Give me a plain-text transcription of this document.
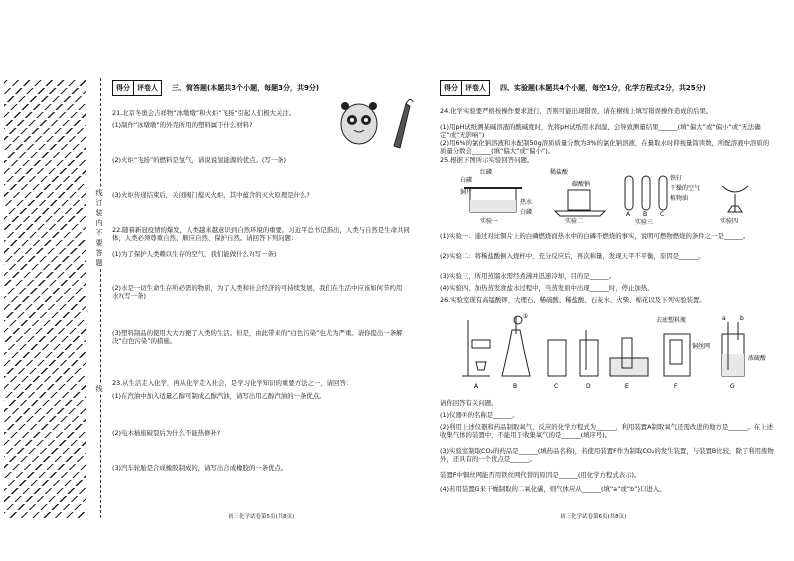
线
订
装
内
不
要
答
题
线
得分	评卷人	三、简答题(本题共3个小题，每题3分，共9分)
21.北京冬奥会吉祥物“冰墩墩”和火炬“飞扬”引起人们极大关注。
(1)制作“冰墩墩”的外壳所用的塑料属于什么材料?
(2)火炬“飞扬”的燃料是氢气，请说说氢能源的优点。(写一条)
(3)火炬传递结束后，关闭阀门熄灭火炬，其中蕴含的灭火原理是什么?
22.随着新冠疫情的爆发，人类越来越意识到自然环境的重要。习近平总书记指出，人类与自然是生命共同体，人类必须尊重自然、顺应自然、保护自然。请回答下列问题：
(1)为了保护人类赖以生存的空气，我们能做什么?(写一条)
(2)水是一切生命生存所必需的物质，为了人类和社会经济的可持续发展，我们在生活中应该如何节约用水?(写一条)
(3)塑料制品的使用大大方便了人类的生活。但是，由此带来的“白色污染”也尤为严重。请你提出一条解决“白色污染”的措施。
23.从生活走入化学，再从化学走入社会，是学习化学知识的重要方法之一，请回答：
(1)在汽油中加入适量乙醇可制成乙醇汽油，请写出用乙醇汽油的一条优点。
(2)电木插座破裂后为什么不能热修补?
(3)汽车轮胎是合成橡胶制成的，请写出合成橡胶的一条优点。
初三化学试卷第5页(共8页)
得分	评卷人	四、实验题(本题共4个小题，每空1分，化学方程式2分，共25分)
24.化学实验要严格按操作要求进行，否则可能出现错误，请在横线上填写错误操作造成的后果。
(1)用pH试纸测某碱溶液的酸碱度时，先将pH试纸用水润湿，会导致测量结果______(填“偏大”或“偏小”或“无法确定”或“无影响”)
(2)用6%的氯化钠溶液和水配制50g溶质质量分数为3%的氯化钠溶液，在量取水时仰视量筒读数，所配溶液中溶质的质量分数会______(填“偏大”或“偏小”)。
25.根据下图所示实验回答问题。
红磷
白磷
铜片
热水
白磷
实验一
稀盐酸
碳酸钠
实验二
铁钉
干燥的空气
植物油
A B C
实验三	实验四
(1)实验一：通过对比铜片上的白磷燃烧而热水中的白磷不燃烧的事实，说明可燃物燃烧的条件之一是______。
(2)实验二：将稀盐酸倒入烧杯中，充分反应后，再次称量，发现天平不平衡，原因是______。
(3)实验三，所用蒸馏水需经煮沸并迅速冷却，目的是______。
(4)实验四，加热蒸发食盐水过程中，当蒸发皿中出现______时，停止加热。
26.实验室现有高锰酸钾、大理石、稀硫酸、稀盐酸、石灰水、火柴、棉花以及下列实验装置。
A
①
B	C	D	E
去底塑料瓶
铜丝网
F
a b
浓硫酸
G
请你回答有关问题。
(1)仪器①的名称是______。
(2)利用上述仪器和药品制取氧气，反应的化学方程式为______，利用装置A制取氧气还需改进的地方是______。在上述收集气体的装置中，不能用于收集氧气的是______(填序号)。
(3)实验室制取CO₂的药品是______(填药品名称)，若使用装置F作为制取CO₂的发生装置，与装置B比较，除了利用废物外，还具有的一个优点是______。
装置F中铜丝网能否用铁丝网代替的原因是______(用化学方程式表示)。
(4)若用装置G来干燥制取的二氧化碳，则气体应从______(填“a”或“b”)口进入。
初三化学试卷第6页(共8页)
